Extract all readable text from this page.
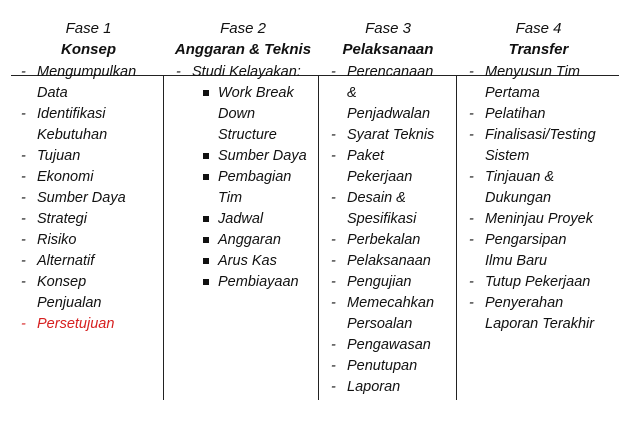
Fase 1
Konsep
Fase 2
Anggaran & Teknis
Fase 3
Pelaksanaan
Fase 4
Transfer
- Mengumpulkan
Data
- Identifikasi
Kebutuhan
- Tujuan
- Ekonomi
- Sumber Daya
- Strategi
- Risiko
- Alternatif
- Konsep
Penjualan
- Persetujuan
- Studi Kelayakan:
Work Break
Down
Structure
Sumber Daya
Pembagian
Tim
Jadwal
Anggaran
Arus Kas
Pembiayaan
- Perencanaan
&
Penjadwalan
- Syarat Teknis
- Paket
Pekerjaan
- Desain &
Spesifikasi
- Perbekalan
- Pelaksanaan
- Pengujian
- Memecahkan
Persoalan
- Pengawasan
- Penutupan
- Laporan
- Menyusun Tim
Pertama
- Pelatihan
- Finalisasi/Testing
Sistem
- Tinjauan &
Dukungan
- Meninjau Proyek
- Pengarsipan
Ilmu Baru
- Tutup Pekerjaan
- Penyerahan
Laporan Terakhir
